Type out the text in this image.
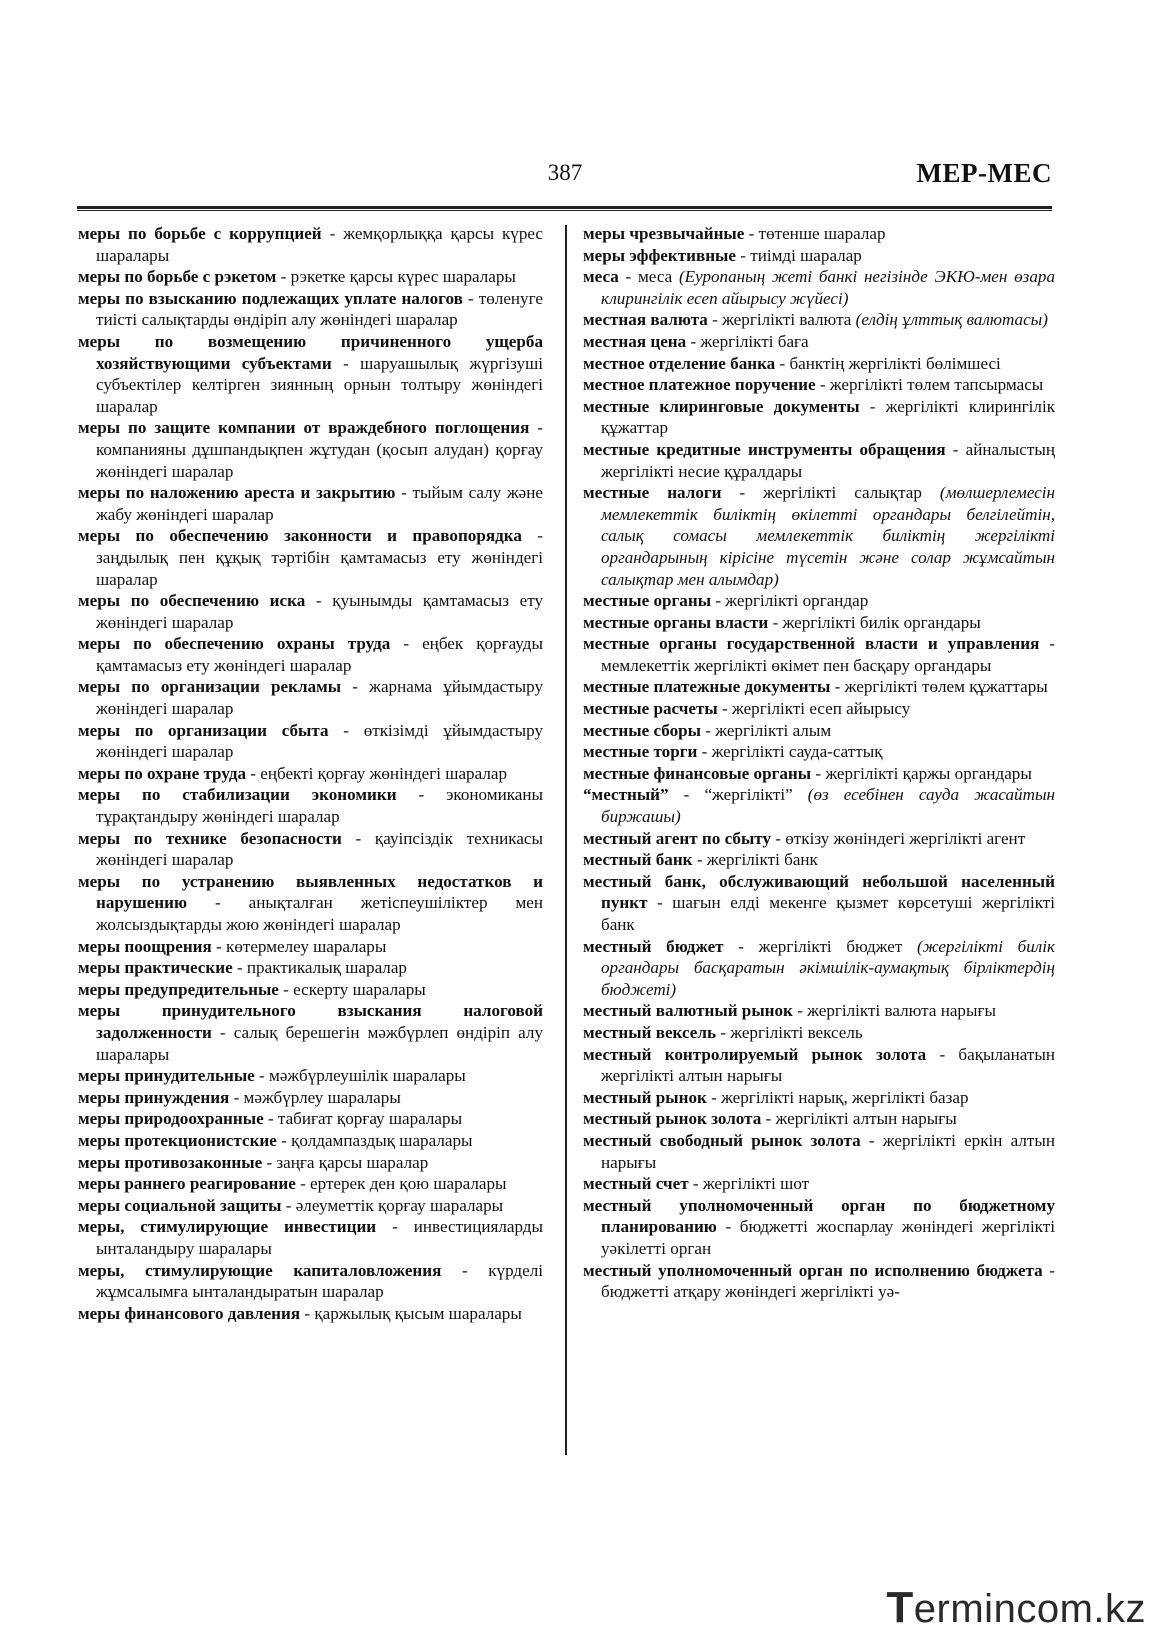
387	МЕР-МЕС

меры по борьбе с коррупцией - жемқорлыққа қарсы күрес шаралары

меры по борьбе с рэкетом - рэкетке қарсы күрес шаралары

меры по взысканию подлежащих уплате налогов - төленуге тиісті салықтарды өндіріп алу жөніндегі шаралар

меры по возмещению причиненного ущерба хозяйствующими субъектами - шаруашылық жүргізуші субъектілер келтірген зиянның орнын толтыру жөніндегі шаралар

меры по защите компании от враждебного поглощения - компанияны дұшпандықпен жұтудан (қосып алудан) қорғау жөніндегі шаралар

меры по наложению ареста и закрытию - тыйым салу және жабу жөніндегі шаралар

меры по обеспечению законности и правопорядка - заңдылық пен құқық тәртібін қамтамасыз ету жөніндегі шаралар

меры по обеспечению иска - қуынымды қамтамасыз ету жөніндегі шаралар

меры по обеспечению охраны труда - еңбек қорғауды қамтамасыз ету жөніндегі шаралар

меры по организации рекламы - жарнама ұйымдастыру жөніндегі шаралар

меры по организации сбыта - өткізімді ұйымдастыру жөніндегі шаралар

меры по охране труда - еңбекті қорғау жөніндегі шаралар

меры по стабилизации экономики - экономиканы тұрақтандыру жөніндегі шаралар

меры по технике безопасности - қауіпсіздік техникасы жөніндегі шаралар

меры по устранению выявленных недостатков и нарушению - анықталған жетіспеушіліктер мен жолсыздықтарды жою жөніндегі шаралар

меры поощрения - көтермелеу шаралары

меры практические - практикалық шаралар

меры предупредительные - ескерту шаралары

меры принудительного взыскания налоговой задолженности - салық берешегін мәжбүрлеп өндіріп алу шаралары

меры принудительные - мәжбүрлеушілік шаралары

меры принуждения - мәжбүрлеу шаралары

меры природоохранные - табиғат қорғау шаралары

меры протекционистские - қолдампаздық шаралары

меры противозаконные - заңға қарсы шаралар

меры раннего реагирование - ертерек ден қою шаралары

меры социальной защиты - әлеуметтік қорғау шаралары

меры, стимулирующие инвестиции - инвестицияларды ынталандыру шаралары

меры, стимулирующие капиталовложения - күрделі жұмсалымға ынталандыратын шаралар

меры финансового давления - қаржылық қысым шаралары

меры чрезвычайные - төтенше шаралар

меры эффективные - тиімді шаралар

меса - меса (Еуропаның жеті банкі негізінде ЭКЮ-мен өзара клирингілік есеп айырысу жүйесі)

местная валюта - жергілікті валюта (елдің ұлттық валютасы)

местная цена - жергілікті баға

местное отделение банка - банктің жергілікті бөлімшесі

местное платежное поручение - жергілікті төлем тапсырмасы

местные клиринговые документы - жергілікті клирингілік құжаттар

местные кредитные инструменты обращения - айналыстың жергілікті несие құралдары

местные налоги - жергілікті салықтар (мөлшерлемесін мемлекеттік биліктің өкілетті органдары белгілейтін, салық сомасы мемлекеттік биліктің жергілікті органдарының кірісіне түсетін және солар жұмсайтын салықтар мен алымдар)

местные органы - жергілікті органдар

местные органы власти - жергілікті билік органдары

местные органы государственной власти и управления - мемлекеттік жергілікті өкімет пен басқару органдары

местные платежные документы - жергілікті төлем құжаттары

местные расчеты - жергілікті есеп айырысу

местные сборы - жергілікті алым

местные торги - жергілікті сауда-саттық

местные финансовые органы - жергілікті қаржы органдары

“местный” - “жергілікті” (өз есебінен сауда жасайтын биржашы)

местный агент по сбыту - өткізу жөніндегі жергілікті агент

местный банк - жергілікті банк

местный банк, обслуживающий небольшой населенный пункт - шағын елді мекенге қызмет көрсетуші жергілікті банк

местный бюджет - жергілікті бюджет (жергілікті билік органдары басқаратын әкімшілік-аумақтық бірліктердің бюджеті)

местный валютный рынок - жергілікті валюта нарығы

местный вексель - жергілікті вексель

местный контролируемый рынок золота - бақыланатын жергілікті алтын нарығы

местный рынок - жергілікті нарық, жергілікті базар

местный рынок золота - жергілікті алтын нарығы

местный свободный рынок золота - жергілікті еркін алтын нарығы

местный счет - жергілікті шот

местный уполномоченный орган по бюджетному планированию - бюджетті жоспарлау жөніндегі жергілікті уәкілетті орган

местный уполномоченный орган по исполнению бюджета - бюджетті атқару жөніндегі жергілікті уә-

Termincom.kz
